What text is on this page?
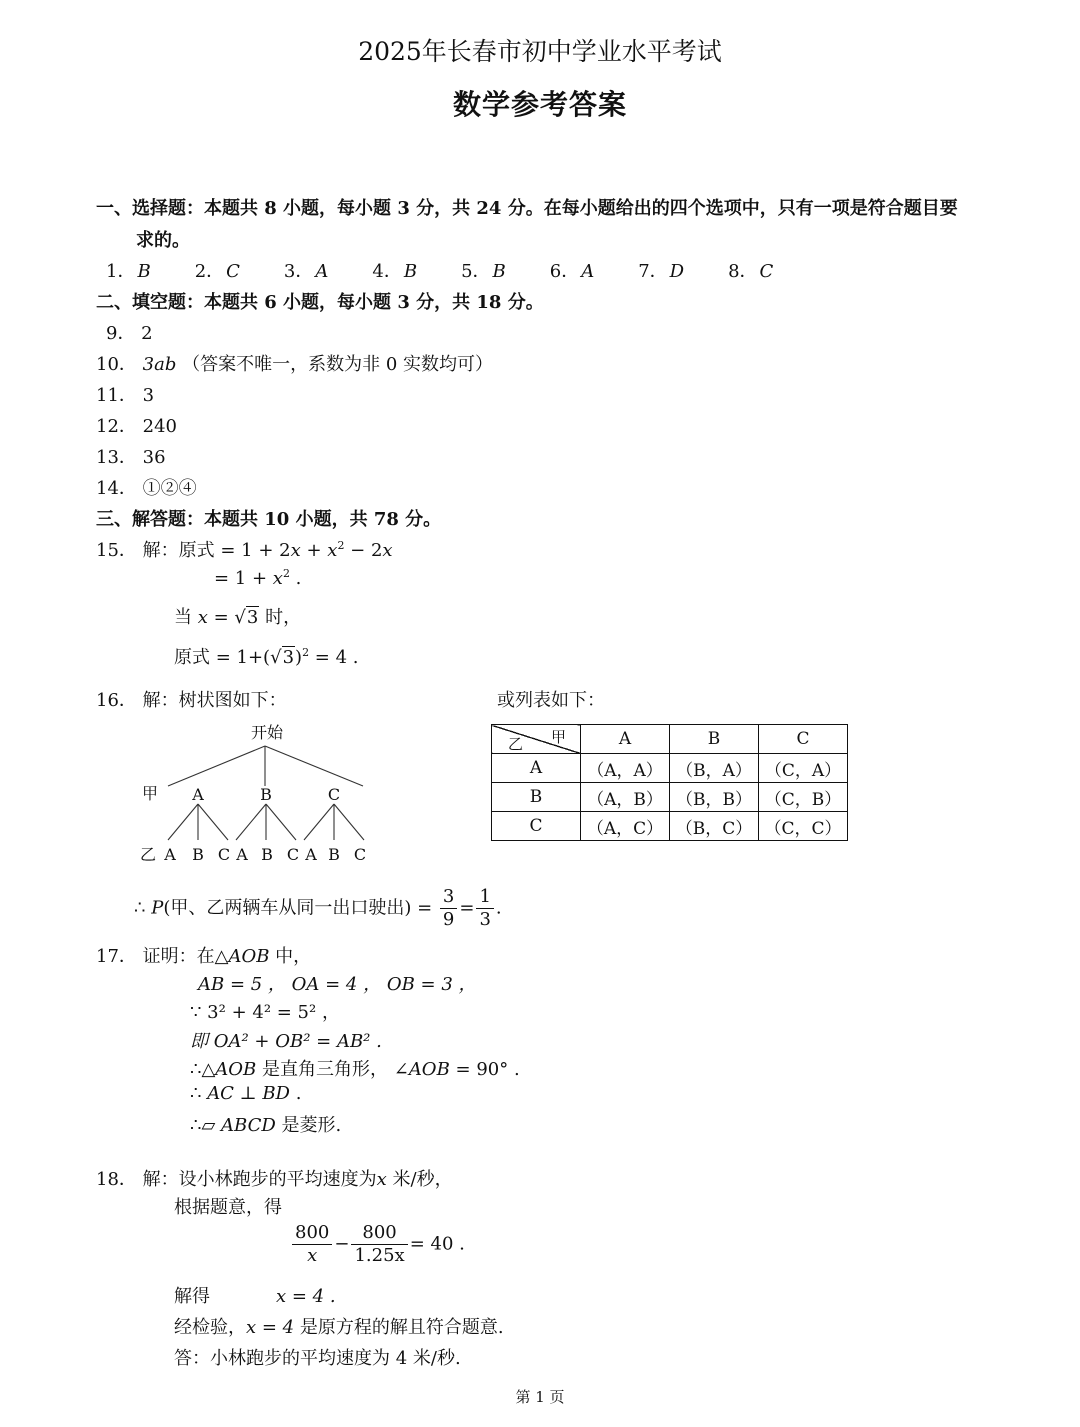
2025年长春市初中学业水平考试
数学参考答案
一、选择题：本题共 8 小题，每小题 3 分，共 24 分。在每小题给出的四个选项中，只有一项是符合题目要
求的。
1． B 2． C 3． A 4． B 5． B 6． A 7． D 8． C
二、填空题：本题共 6 小题，每小题 3 分，共 18 分。
9． 2
10． 3ab （答案不唯一，系数为非 0 实数均可）
11． 3
12． 240
13． 36
14． ①②④
三、解答题：本题共 10 小题，共 78 分。
15． 解：原式 = $1 + 2x + x^2 - 2x$
= $1 + x^2$ .
当 x = √3 时，
原式 = $1+(√3)^2 = 4$ .
16． 解：树状图如下：	或列表如下：
开始
甲 A	B	C
乙 A B C A B C A B C
甲
乙	A	B	C
A	（A，A）	（B，A）	（C，A）
B	（A，B）	（B，B）	（C，B）
C	（A，C）	（B，C）	（C，C）
∴ P(甲、乙两辆车从同一出口驶出) = $\frac{3}{9} = \frac{1}{3}$ .
17． 证明：在△AOB 中，
AB = 5 ， OA = 4 ， OB = 3 ，
∵ 3² + 4² = 5² ，
即 OA² + OB² = AB² .
∴△AOB 是直角三角形， ∠AOB = 90° .
∴ AC ⊥ BD .
∴▱ ABCD 是菱形.
18． 解：设小林跑步的平均速度为x 米/秒，
根据题意，得
$\frac{800}{x} - \frac{800}{1.25x} = 40$ .
解得	x = 4 .
经检验，x = 4 是原方程的解且符合题意.
答：小林跑步的平均速度为 4 米/秒.
第 1 页
